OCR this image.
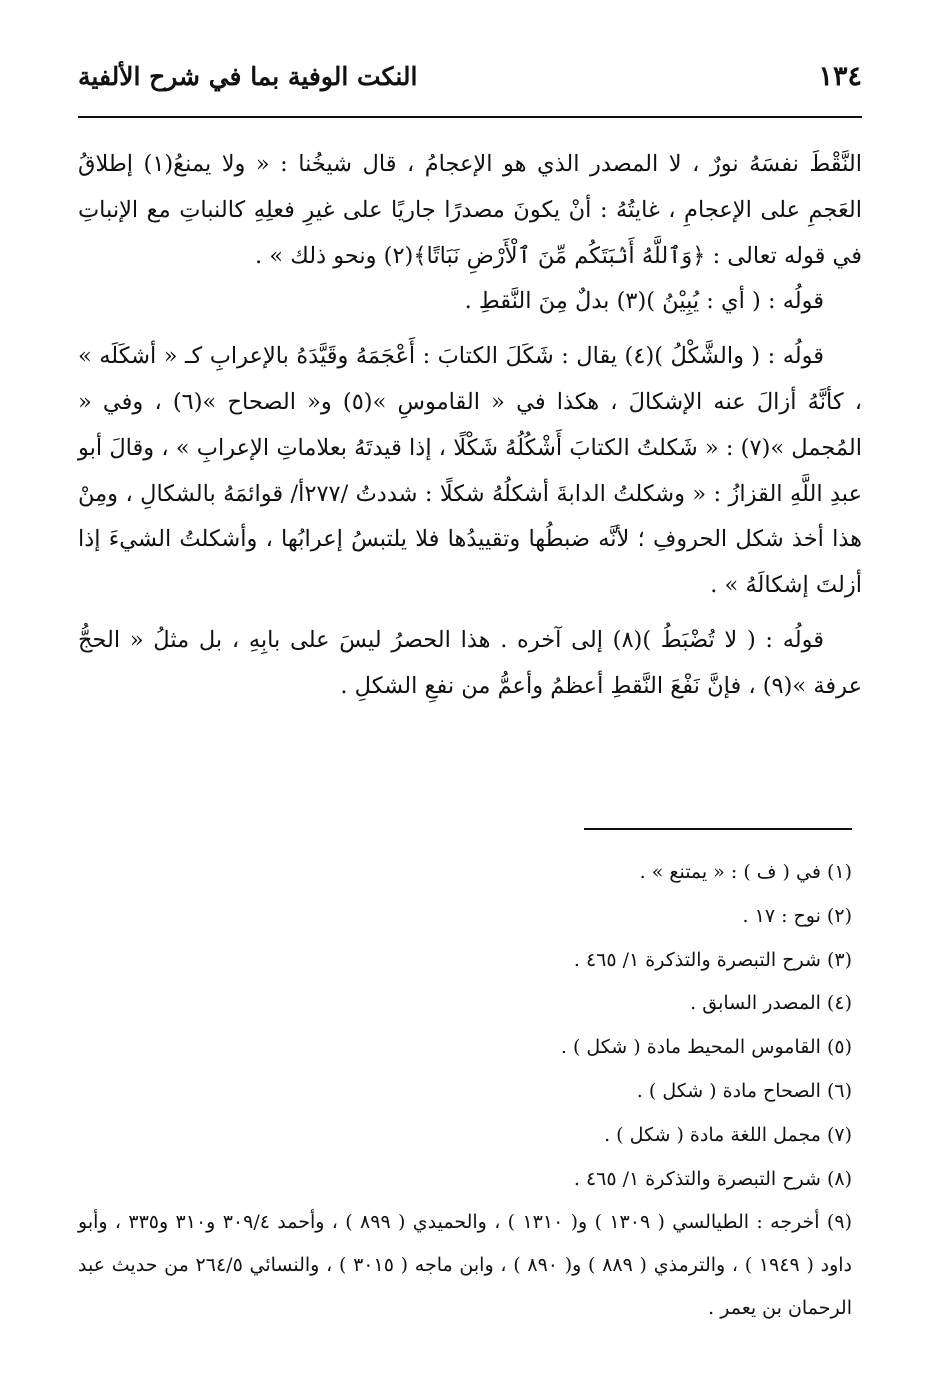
١٣٤
النكت الوفية بما في شرح الألفية

النَّقْطَ نفسَهُ نورٌ ، لا المصدر الذي هو الإعجامُ ، قال شيخُنا : « ولا يمنعُ(١) إطلاقُ العَجمِ على الإعجامِ ، غايتُهُ : أنْ يكونَ مصدرًا جاريًا على غيرِ فعلِهِ كالنباتِ مع الإنباتِ في قوله تعالى : ﴿وَٱللَّهُ أَنۢبَتَكُم مِّنَ ٱلْأَرْضِ نَبَاتًا﴾(٢) ونحو ذلك » .

قولُه : ( أي : يُبِيْنُ )(٣) بدلٌ مِنَ النَّقطِ .

قولُه : ( والشَّكْلُ )(٤) يقال : شَكَلَ الكتابَ : أَعْجَمَهُ وقَيَّدَهُ بالإعرابِ كـ « أشكَلَه » ، كأنَّهُ أزالَ عنه الإشكالَ ، هكذا في « القاموسِ »(٥) و« الصحاح »(٦) ، وفي « المُجمل »(٧) : « شَكلتُ الكتابَ أَشْكُلُهُ شَكْلًا ، إذا قيدتَهُ بعلاماتِ الإعرابِ » ، وقالَ أبو عبدِ اللَّهِ القزازُ : « وشكلتُ الدابةَ أشكلُهُ شكلًا : شددتُ /٢٧٧أ/ قوائمَهُ بالشكالِ ، ومِنْ هذا أخذ شكل الحروفِ ؛ لأنَّه ضبطُها وتقييدُها فلا يلتبسُ إعرابُها ، وأشكلتُ الشيءَ إذا أزلتَ إشكالَهُ » .

قولُه : ( لا تُضْبَطُ )(٨) إلى آخره . هذا الحصرُ ليسَ على بابِهِ ، بل مثلُ « الحجُّ عرفة »(٩) ، فإنَّ نَفْعَ النَّقطِ أعظمُ وأعمُّ من نفعِ الشكلِ .

(١) في ( ف ) : « يمتنع » .

(٢) نوح : ١٧ .

(٣) شرح التبصرة والتذكرة ١/ ٤٦٥ .

(٤) المصدر السابق .

(٥) القاموس المحيط مادة ( شكل ) .

(٦) الصحاح مادة ( شكل ) .

(٧) مجمل اللغة مادة ( شكل ) .

(٨) شرح التبصرة والتذكرة ١/ ٤٦٥ .

(٩) أخرجه : الطيالسي ( ١٣٠٩ ) و( ١٣١٠ ) ، والحميدي ( ٨٩٩ ) ، وأحمد ٣٠٩/٤ و٣١٠ و٣٣٥ ، وأبو داود ( ١٩٤٩ ) ، والترمذي ( ٨٨٩ ) و( ٨٩٠ ) ، وابن ماجه ( ٣٠١٥ ) ، والنسائي ٢٦٤/٥ من حديث عبد الرحمان بن يعمر .
